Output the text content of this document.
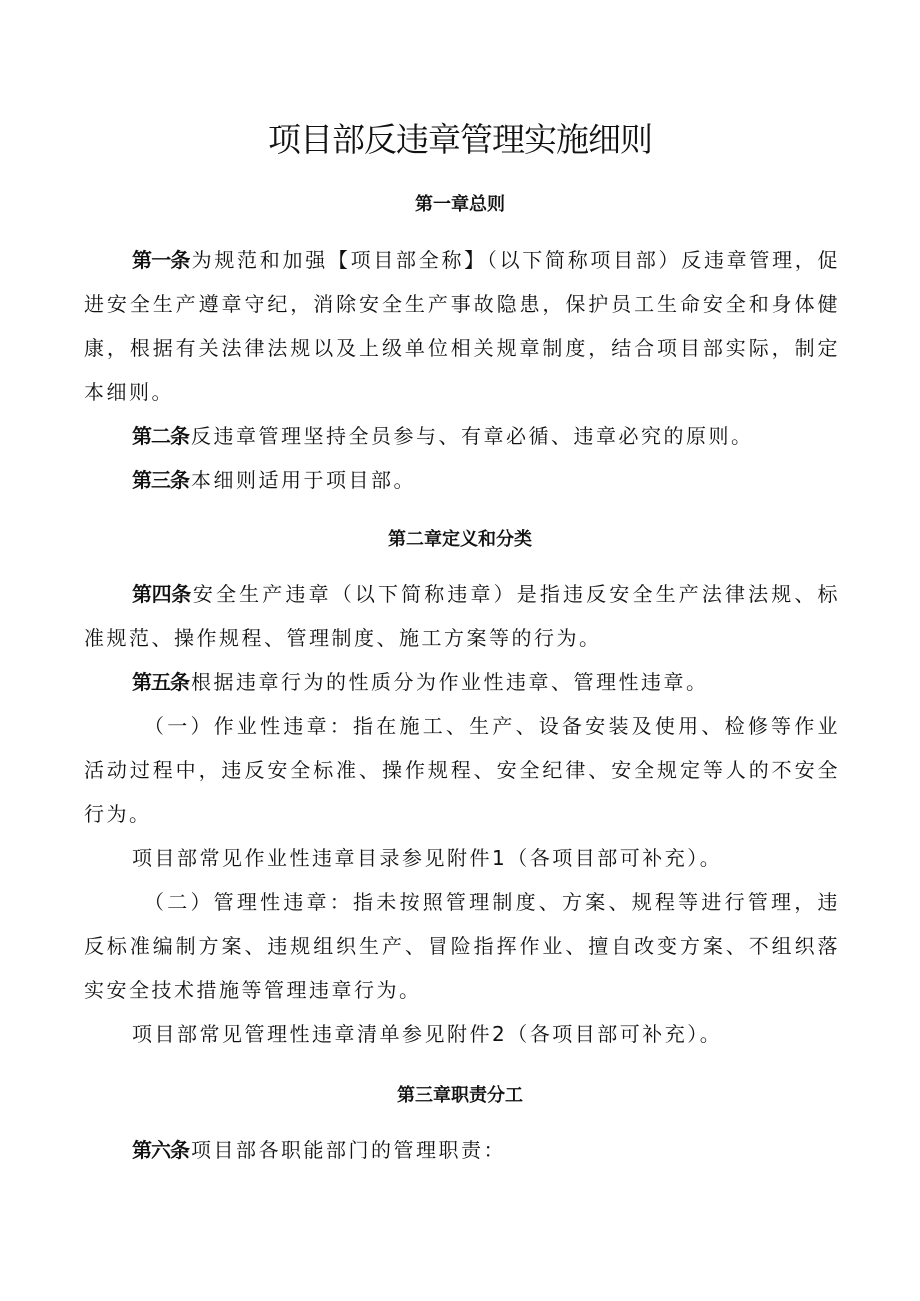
项目部反违章管理实施细则
第一章总则

第一条 为规范和加强【项目部全称】（以下简称项目部）反违章管理，促进安全生产遵章守纪，消除安全生产事故隐患，保护员工生命安全和身体健康，根据有关法律法规以及上级单位相关规章制度，结合项目部实际，制定本细则。

第二条 反违章管理坚持全员参与、有章必循、违章必究的原则。

第三条 本细则适用于项目部。

第二章定义和分类

第四条 安全生产违章（以下简称违章）是指违反安全生产法律法规、标准规范、操作规程、管理制度、施工方案等的行为。

第五条 根据违章行为的性质分为作业性违章、管理性违章。

（一）作业性违章：指在施工、生产、设备安装及使用、检修等作业活动过程中，违反安全标准、操作规程、安全纪律、安全规定等人的不安全行为。

项目部常见作业性违章目录参见附件1（各项目部可补充）。

（二）管理性违章：指未按照管理制度、方案、规程等进行管理，违反标准编制方案、违规组织生产、冒险指挥作业、擅自改变方案、不组织落实安全技术措施等管理违章行为。

项目部常见管理性违章清单参见附件2（各项目部可补充）。

第三章职责分工

第六条 项目部各职能部门的管理职责：
